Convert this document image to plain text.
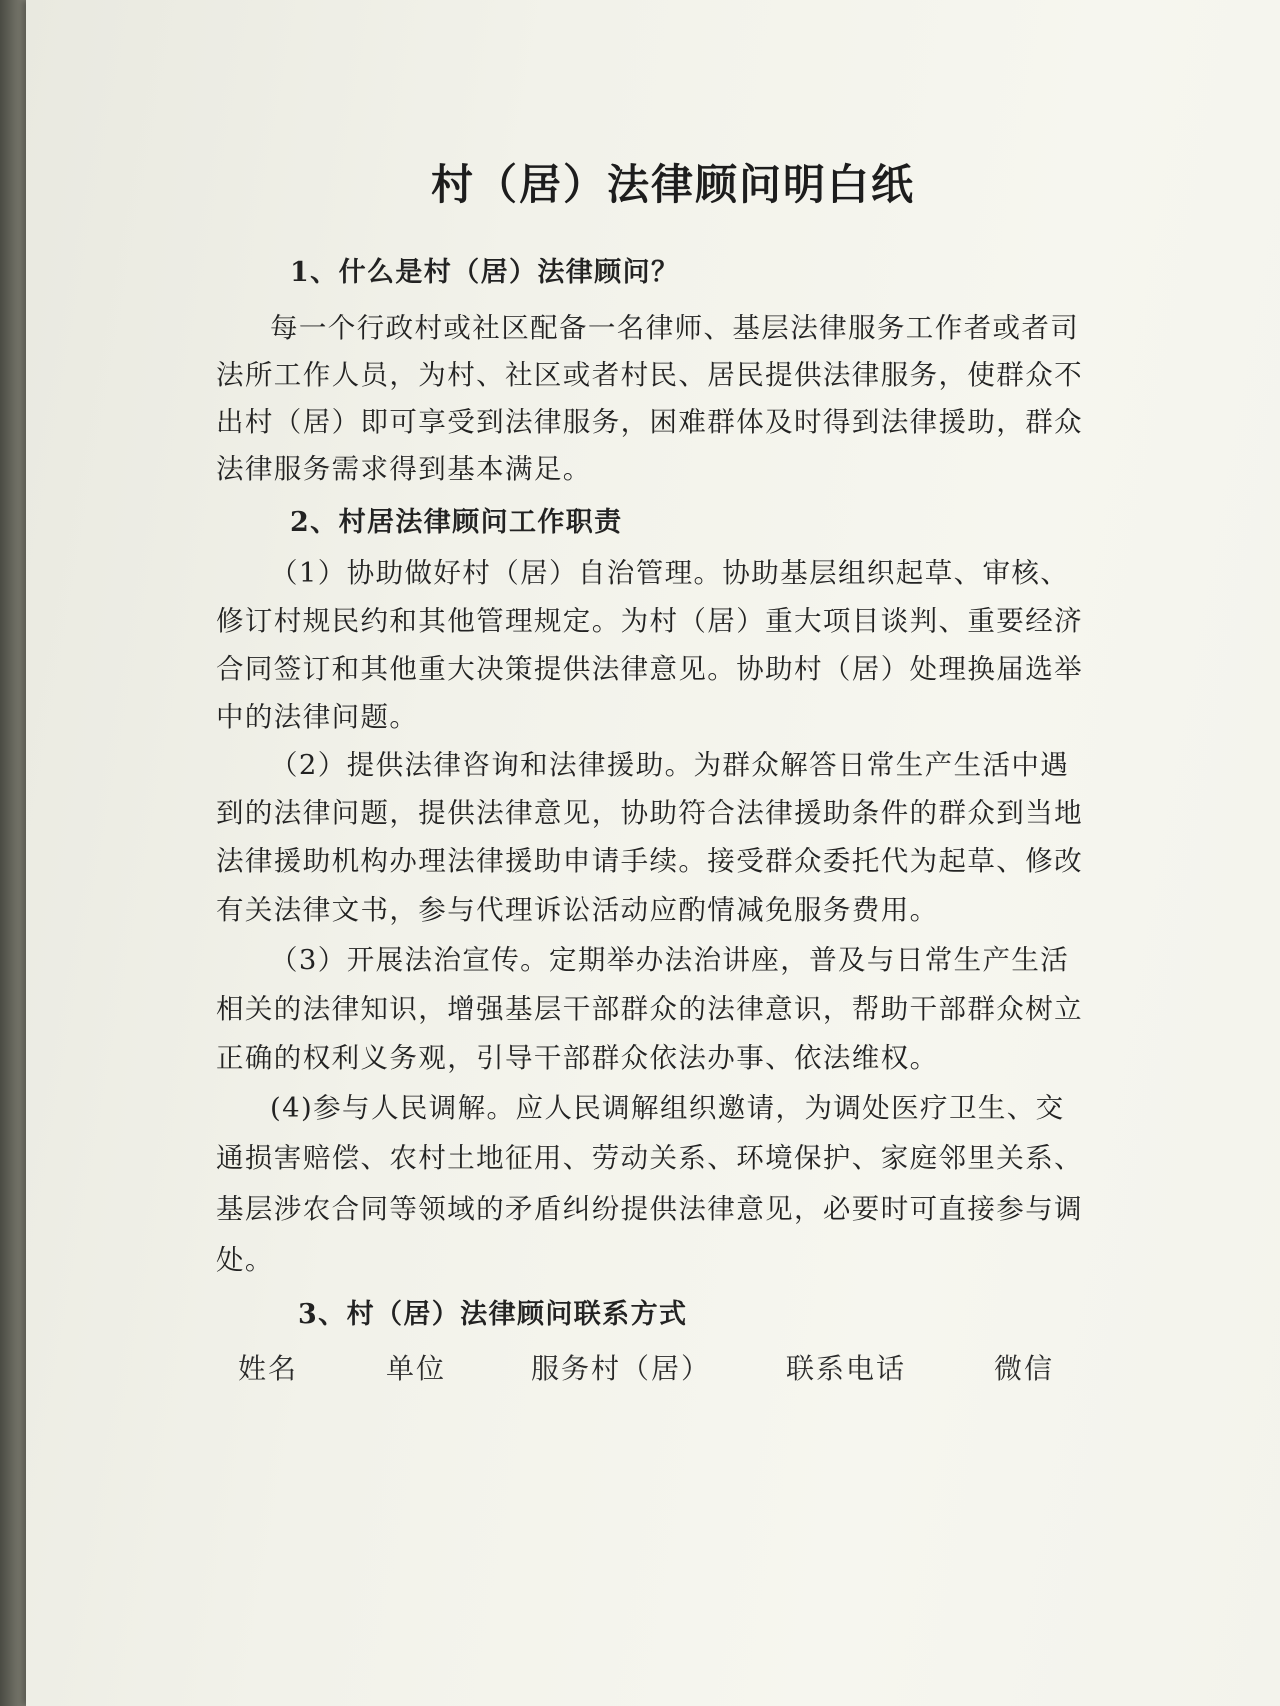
村（居）法律顾问明白纸
1、什么是村（居）法律顾问？
每一个行政村或社区配备一名律师、基层法律服务工作者或者司
法所工作人员，为村、社区或者村民、居民提供法律服务，使群众不
出村（居）即可享受到法律服务，困难群体及时得到法律援助，群众
法律服务需求得到基本满足。
2、村居法律顾问工作职责
（1）协助做好村（居）自治管理。协助基层组织起草、审核、
修订村规民约和其他管理规定。为村（居）重大项目谈判、重要经济
合同签订和其他重大决策提供法律意见。协助村（居）处理换届选举
中的法律问题。
（2）提供法律咨询和法律援助。为群众解答日常生产生活中遇
到的法律问题，提供法律意见，协助符合法律援助条件的群众到当地
法律援助机构办理法律援助申请手续。接受群众委托代为起草、修改
有关法律文书，参与代理诉讼活动应酌情减免服务费用。
（3）开展法治宣传。定期举办法治讲座，普及与日常生产生活
相关的法律知识，增强基层干部群众的法律意识，帮助干部群众树立
正确的权利义务观，引导干部群众依法办事、依法维权。
(4)参与人民调解。应人民调解组织邀请，为调处医疗卫生、交
通损害赔偿、农村土地征用、劳动关系、环境保护、家庭邻里关系、
基层涉农合同等领域的矛盾纠纷提供法律意见，必要时可直接参与调
处。
3、村（居）法律顾问联系方式
姓名	单位	服务村（居）	联系电话	微信
